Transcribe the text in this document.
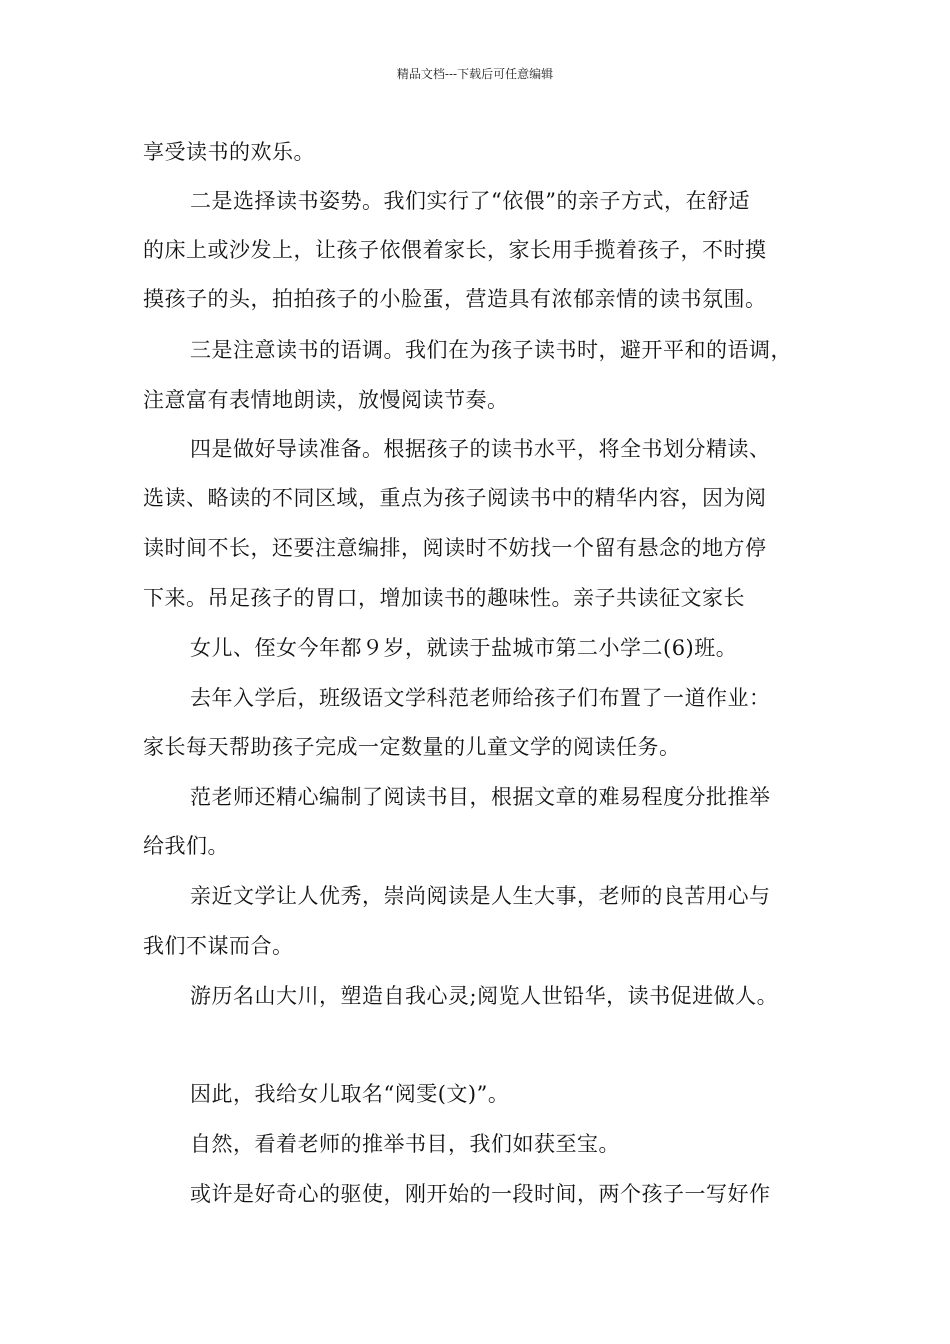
精品文档---下载后可任意编辑
享受读书的欢乐。
二是选择读书姿势。我们实行了“依偎”的亲子方式，在舒适
的床上或沙发上，让孩子依偎着家长，家长用手揽着孩子，不时摸
摸孩子的头，拍拍孩子的小脸蛋，营造具有浓郁亲情的读书氛围。
三是注意读书的语调。我们在为孩子读书时，避开平和的语调，
注意富有表情地朗读，放慢阅读节奏。
四是做好导读准备。根据孩子的读书水平，将全书划分精读、
选读、略读的不同区域，重点为孩子阅读书中的精华内容，因为阅
读时间不长，还要注意编排，阅读时不妨找一个留有悬念的地方停
下来。吊足孩子的胃口，增加读书的趣味性。亲子共读征文家长
女儿、侄女今年都９岁，就读于盐城市第二小学二(6)班。
去年入学后，班级语文学科范老师给孩子们布置了一道作业：
家长每天帮助孩子完成一定数量的儿童文学的阅读任务。
范老师还精心编制了阅读书目，根据文章的难易程度分批推举
给我们。
亲近文学让人优秀，崇尚阅读是人生大事，老师的良苦用心与
我们不谋而合。
游历名山大川，塑造自我心灵;阅览人世铅华，读书促进做人。
因此，我给女儿取名“阅雯(文)”。
自然，看着老师的推举书目，我们如获至宝。
或许是好奇心的驱使，刚开始的一段时间，两个孩子一写好作
